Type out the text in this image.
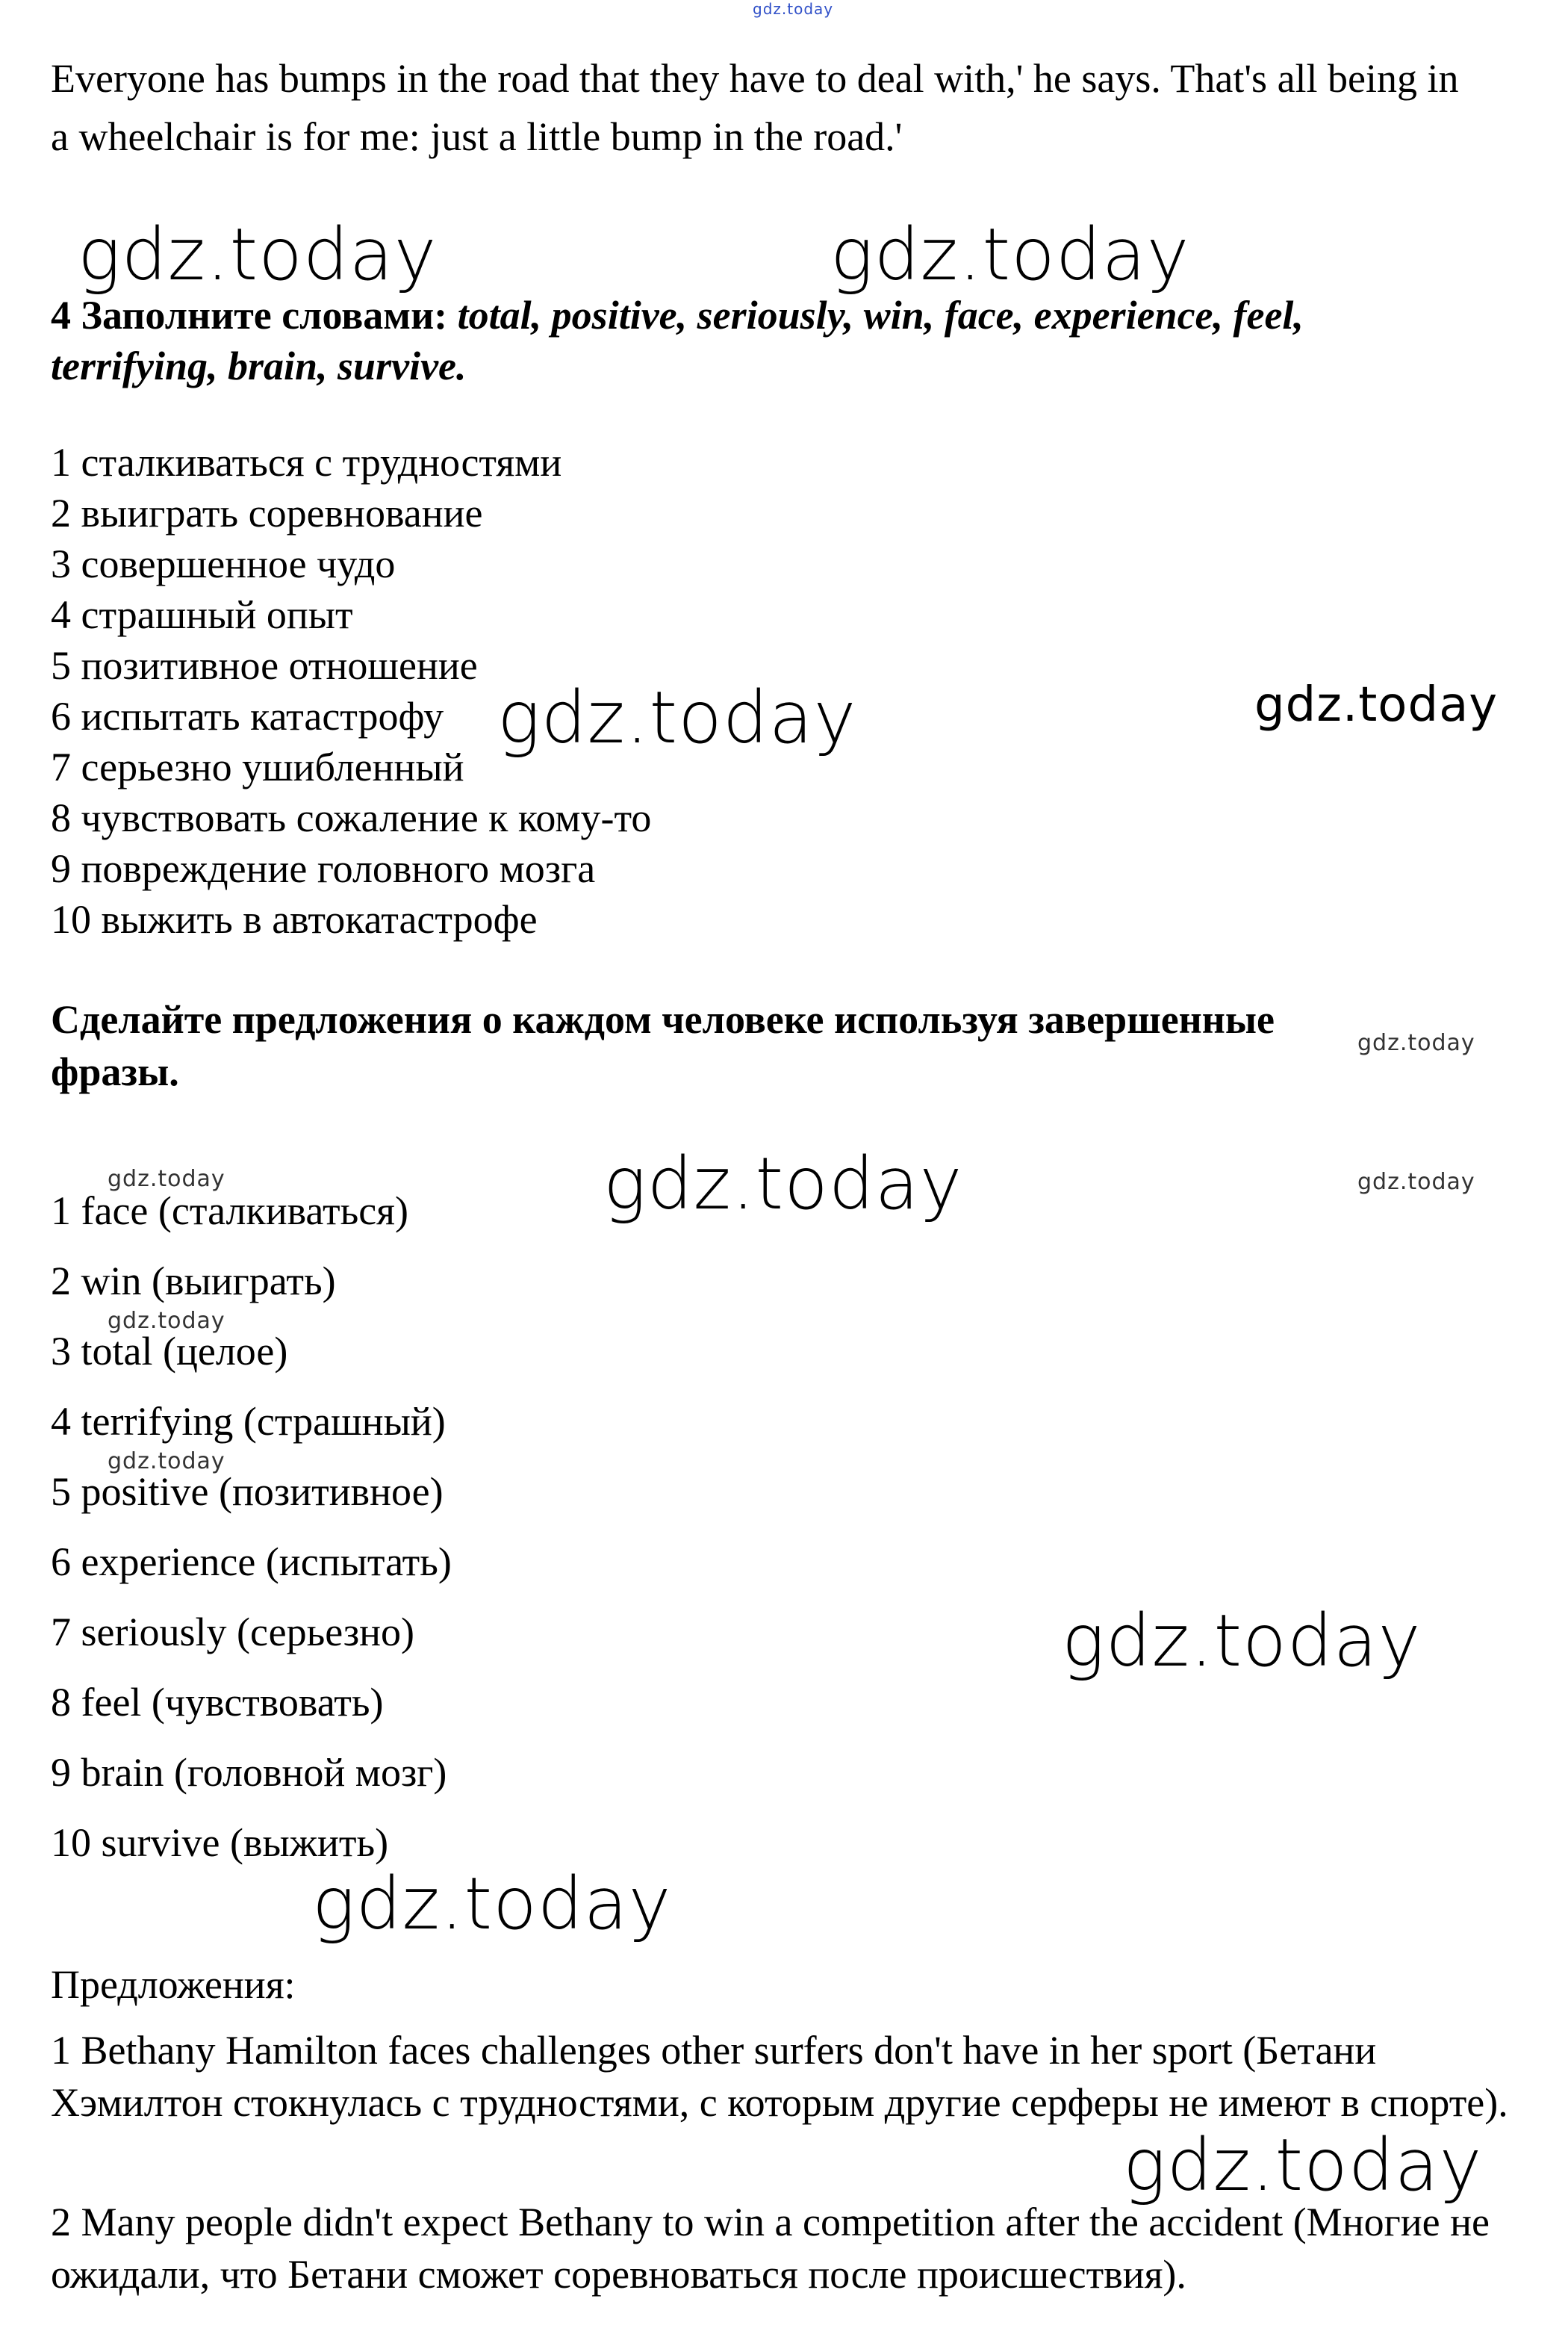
gdz.today
Everyone has bumps in the road that they have to deal with,' he says. That's all being in a wheelchair is for me: just a little bump in the road.'
gdz.today	gdz.today
4 Заполните словами: total, positive, seriously, win, face, experience, feel, terrifying, brain, survive.
1 сталкиваться с трудностями
2 выиграть соревнование
3 совершенное чудо
4 страшный опыт
5 позитивное отношение
6 испытать катастрофу
7 серьезно ушибленный
8 чувствовать сожаление к кому-то
9 повреждение головного мозга
10 выжить в автокатастрофе
gdz.today	gdz.today
Сделайте предложения о каждом человеке используя завершенные фразы.
gdz.today
gdz.today	gdz.today	gdz.today
1 face (сталкиваться)
2 win (выиграть)
gdz.today
3 total (целое)
4 terrifying (страшный)
gdz.today
5 positive (позитивное)
6 experience (испытать)
7 seriously (серьезно)	gdz.today
8 feel (чувствовать)
9 brain (головной мозг)
10 survive (выжить)
gdz.today
Предложения:
1 Bethany Hamilton faces challenges other surfers don't have in her sport (Бетани Хэмилтон стокнулась с трудностями, с которым другие серферы не имеют в спорте).
gdz.today
2 Many people didn't expect Bethany to win a competition after the accident (Многие не ожидали, что Бетани сможет соревноваться после происшествия).
